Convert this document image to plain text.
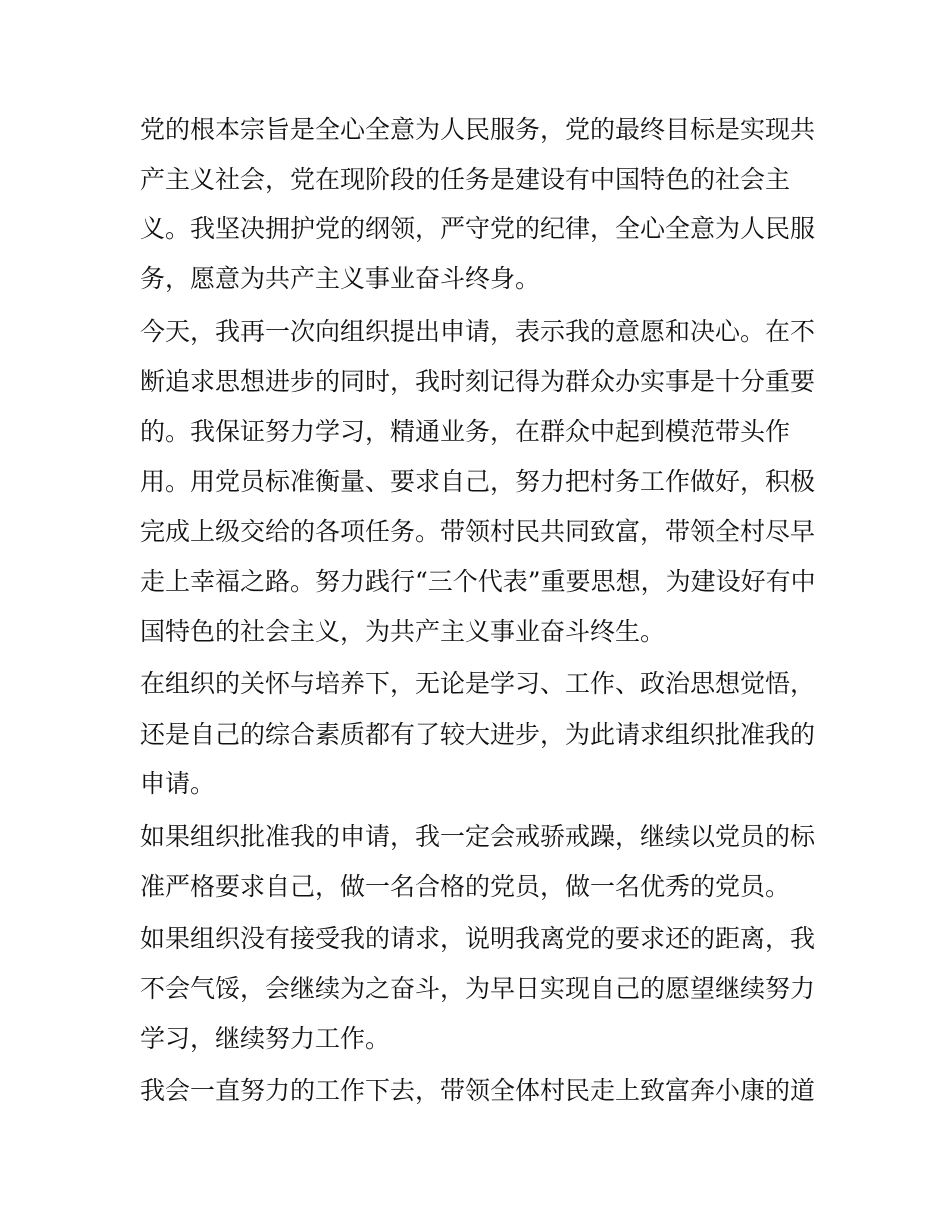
党的根本宗旨是全心全意为人民服务，党的最终目标是实现共
产主义社会，党在现阶段的任务是建设有中国特色的社会主
义。我坚决拥护党的纲领，严守党的纪律，全心全意为人民服
务，愿意为共产主义事业奋斗终身。
今天，我再一次向组织提出申请，表示我的意愿和决心。在不
断追求思想进步的同时，我时刻记得为群众办实事是十分重要
的。我保证努力学习，精通业务，在群众中起到模范带头作
用。用党员标准衡量、要求自己，努力把村务工作做好，积极
完成上级交给的各项任务。带领村民共同致富，带领全村尽早
走上幸福之路。努力践行“三个代表”重要思想，为建设好有中
国特色的社会主义，为共产主义事业奋斗终生。
在组织的关怀与培养下，无论是学习、工作、政治思想觉悟，
还是自己的综合素质都有了较大进步，为此请求组织批准我的
申请。
如果组织批准我的申请，我一定会戒骄戒躁，继续以党员的标
准严格要求自己，做一名合格的党员，做一名优秀的党员。
如果组织没有接受我的请求，说明我离党的要求还的距离，我
不会气馁，会继续为之奋斗，为早日实现自己的愿望继续努力
学习，继续努力工作。
我会一直努力的工作下去，带领全体村民走上致富奔小康的道
